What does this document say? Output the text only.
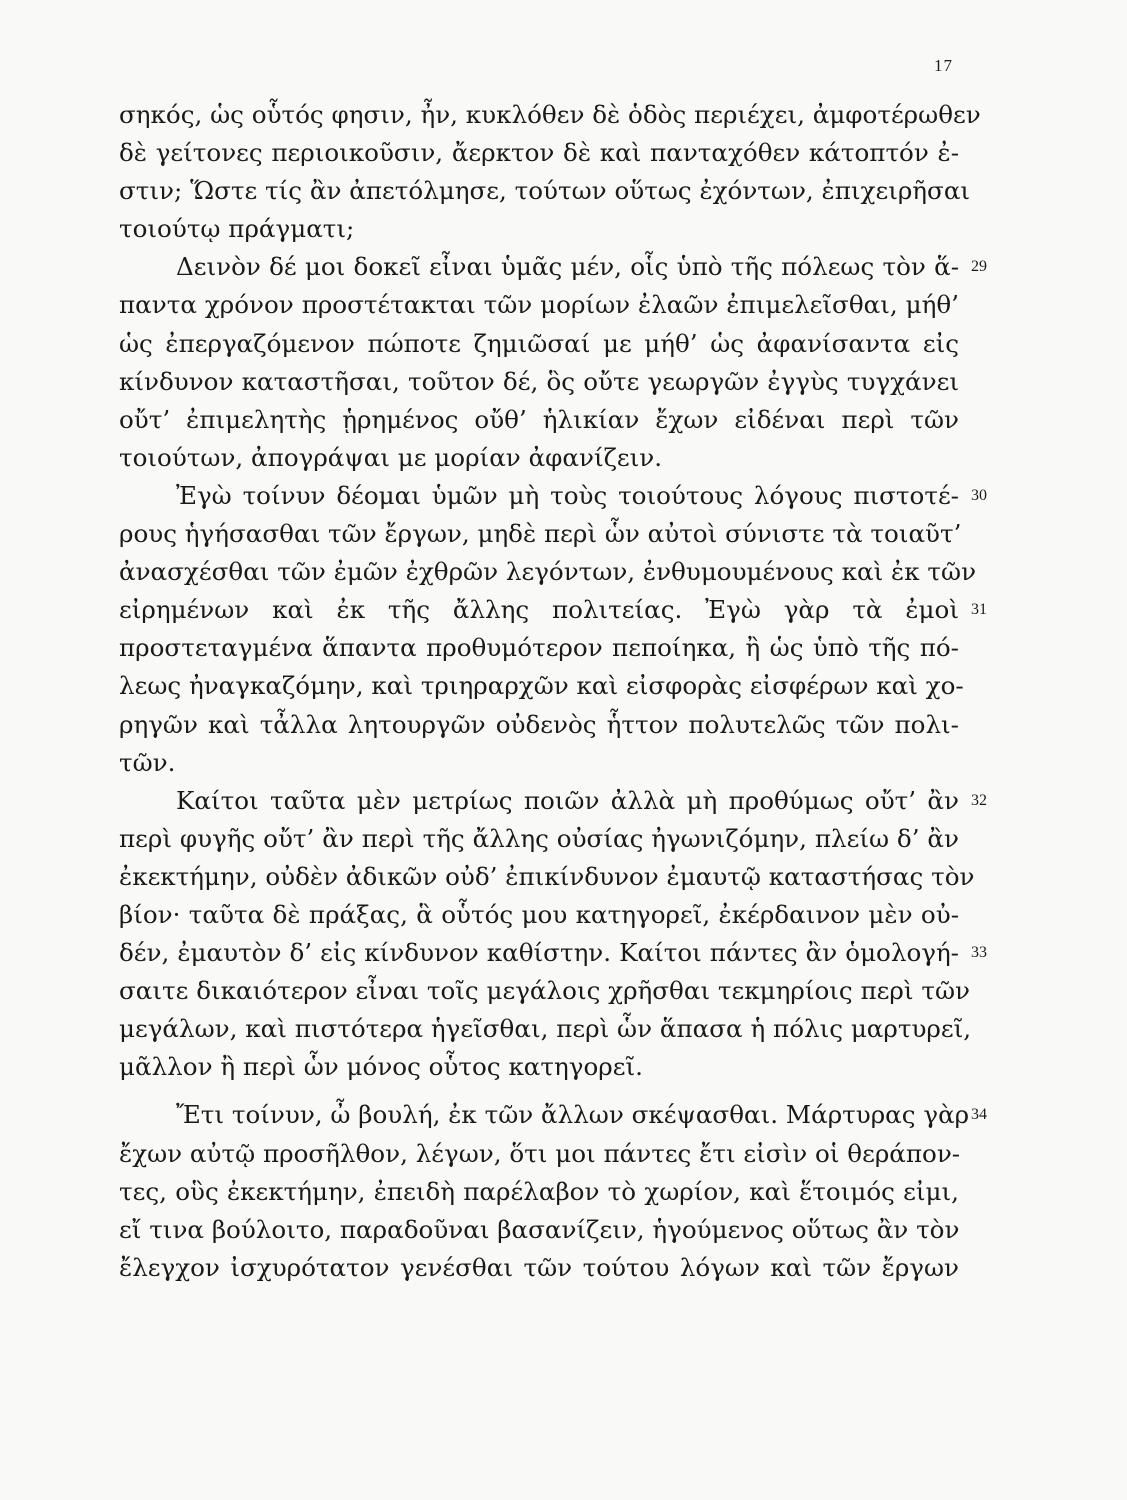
17
σηκός, ὡς οὗτός φησιν, ἦν, κυκλόθεν δὲ ὁδὸς περιέχει, ἀμφοτέρωθεν
δὲ γείτονες περιοικοῦσιν, ἄερκτον δὲ καὶ πανταχόθεν κάτοπτόν ἐ-
στιν; Ὥστε τίς ἂν ἀπετόλμησε, τούτων οὕτως ἐχόντων, ἐπιχειρῆσαι
τοιούτῳ πράγματι;
Δεινὸν δέ μοι δοκεῖ εἶναι ὑμᾶς μέν, οἷς ὑπὸ τῆς πόλεως τὸν ἅ- 29
παντα χρόνον προστέτακται τῶν μορίων ἐλαῶν ἐπιμελεῖσθαι, μήθ’
ὡς ἐπεργαζόμενον πώποτε ζημιῶσαί με μήθ’ ὡς ἀφανίσαντα εἰς
κίνδυνον καταστῆσαι, τοῦτον δέ, ὃς οὔτε γεωργῶν ἐγγὺς τυγχάνει
οὔτ’ ἐπιμελητὴς ᾑρημένος οὔθ’ ἡλικίαν ἔχων εἰδέναι περὶ τῶν
τοιούτων, ἀπογράψαι με μορίαν ἀφανίζειν.
Ἐγὼ τοίνυν δέομαι ὑμῶν μὴ τοὺς τοιούτους λόγους πιστοτέ- 30
ρους ἡγήσασθαι τῶν ἔργων, μηδὲ περὶ ὧν αὐτοὶ σύνιστε τὰ τοιαῦτ’
ἀνασχέσθαι τῶν ἐμῶν ἐχθρῶν λεγόντων, ἐνθυμουμένους καὶ ἐκ τῶν
εἰρημένων καὶ ἐκ τῆς ἄλλης πολιτείας. Ἐγὼ γὰρ τὰ ἐμοὶ 31
προστεταγμένα ἅπαντα προθυμότερον πεποίηκα, ἢ ὡς ὑπὸ τῆς πό-
λεως ἠναγκαζόμην, καὶ τριηραρχῶν καὶ εἰσφορὰς εἰσφέρων καὶ χο-
ρηγῶν καὶ τἆλλα λητουργῶν οὐδενὸς ἧττον πολυτελῶς τῶν πολι-
τῶν.
Καίτοι ταῦτα μὲν μετρίως ποιῶν ἀλλὰ μὴ προθύμως οὔτ’ ἂν 32
περὶ φυγῆς οὔτ’ ἂν περὶ τῆς ἄλλης οὐσίας ἠγωνιζόμην, πλείω δ’ ἂν
ἐκεκτήμην, οὐδὲν ἀδικῶν οὐδ’ ἐπικίνδυνον ἐμαυτῷ καταστήσας τὸν
βίον· ταῦτα δὲ πράξας, ἃ οὗτός μου κατηγορεῖ, ἐκέρδαινον μὲν οὐ-
δέν, ἐμαυτὸν δ’ εἰς κίνδυνον καθίστην. Καίτοι πάντες ἂν ὁμολογή- 33
σαιτε δικαιότερον εἶναι τοῖς μεγάλοις χρῆσθαι τεκμηρίοις περὶ τῶν
μεγάλων, καὶ πιστότερα ἡγεῖσθαι, περὶ ὧν ἅπασα ἡ πόλις μαρτυρεῖ,
μᾶλλον ἢ περὶ ὧν μόνος οὗτος κατηγορεῖ.
Ἔτι τοίνυν, ὦ βουλή, ἐκ τῶν ἄλλων σκέψασθαι. Μάρτυρας γὰρ 34
ἔχων αὐτῷ προσῆλθον, λέγων, ὅτι μοι πάντες ἔτι εἰσὶν οἱ θεράπον-
τες, οὓς ἐκεκτήμην, ἐπειδὴ παρέλαβον τὸ χωρίον, καὶ ἕτοιμός εἰμι,
εἴ τινα βούλοιτο, παραδοῦναι βασανίζειν, ἡγούμενος οὕτως ἂν τὸν
ἔλεγχον ἰσχυρότατον γενέσθαι τῶν τούτου λόγων καὶ τῶν ἔργων
